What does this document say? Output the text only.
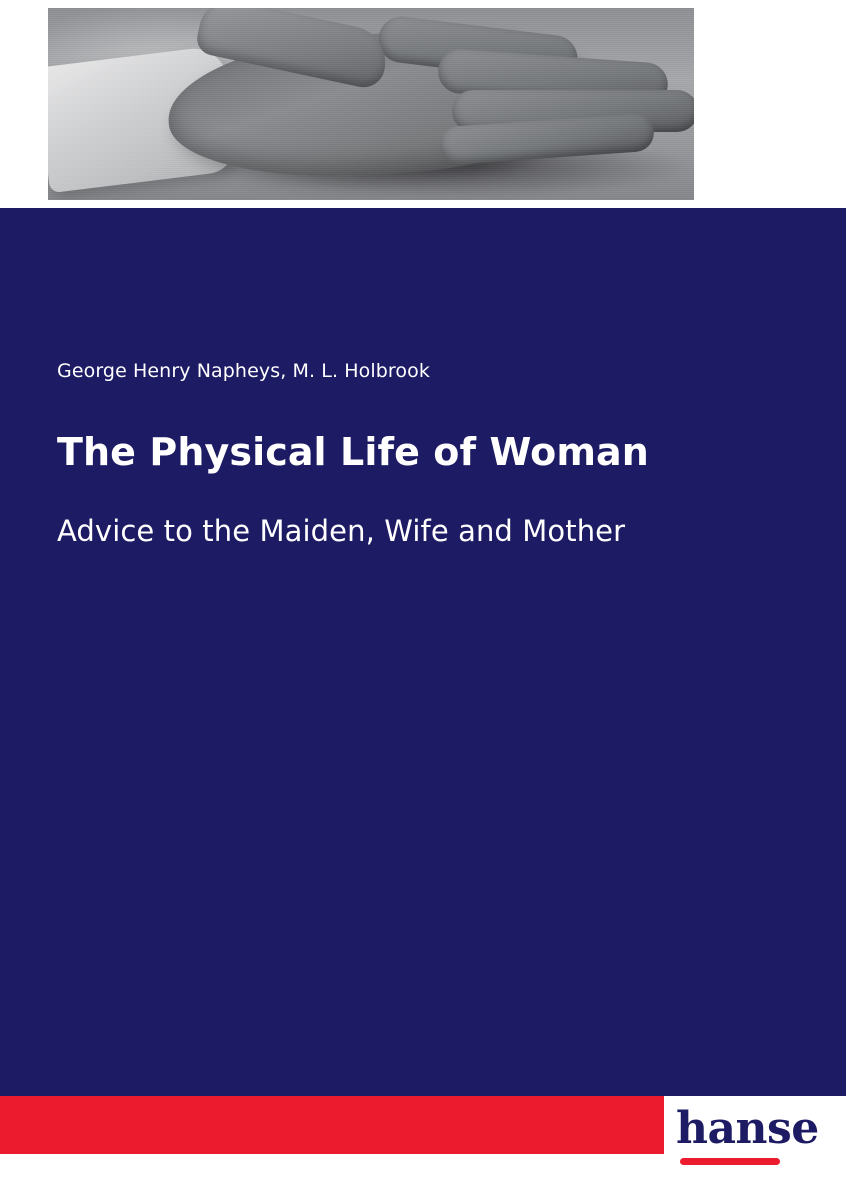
George Henry Napheys, M. L. Holbrook
The Physical Life of Woman
Advice to the Maiden, Wife and Mother
hanse
